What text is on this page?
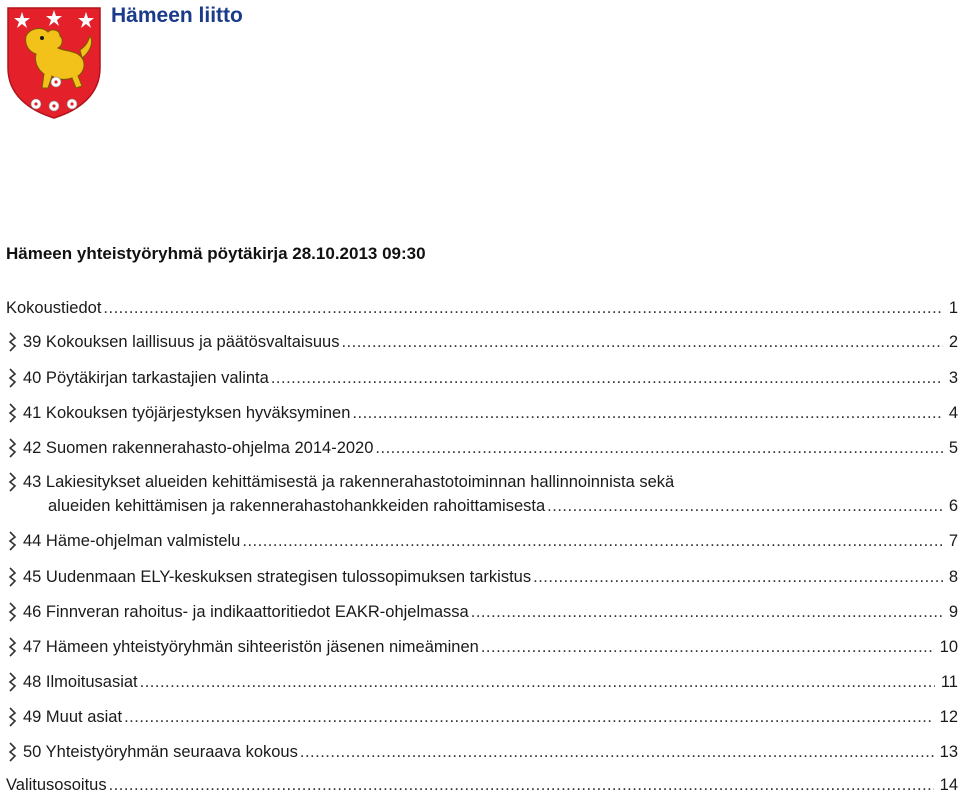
Hämeen liitto
Hämeen yhteistyöryhmä pöytäkirja 28.10.2013 09:30
Kokoustiedot .....	1
39 Kokouksen laillisuus ja päätösvaltaisuus .....	2
40 Pöytäkirjan tarkastajien valinta .....	3
41 Kokouksen työjärjestyksen hyväksyminen .....	4
42 Suomen rakennerahasto-ohjelma 2014-2020 .....	5
43 Lakiesitykset alueiden kehittämisestä ja rakennerahastotoiminnan hallinnoinnista sekä
alueiden kehittämisen ja rakennerahastohankkeiden rahoittamisesta .....	6
44 Häme-ohjelman valmistelu .....	7
45 Uudenmaan ELY-keskuksen strategisen tulossopimuksen tarkistus .....	8
46 Finnveran rahoitus- ja indikaattoritiedot EAKR-ohjelmassa .....	9
47 Hämeen yhteistyöryhmän sihteeristön jäsenen nimeäminen .....	10
48 Ilmoitusasiat .....	11
49 Muut asiat .....	12
50 Yhteistyöryhmän seuraava kokous .....	13
Valitusosoitus .....	14
